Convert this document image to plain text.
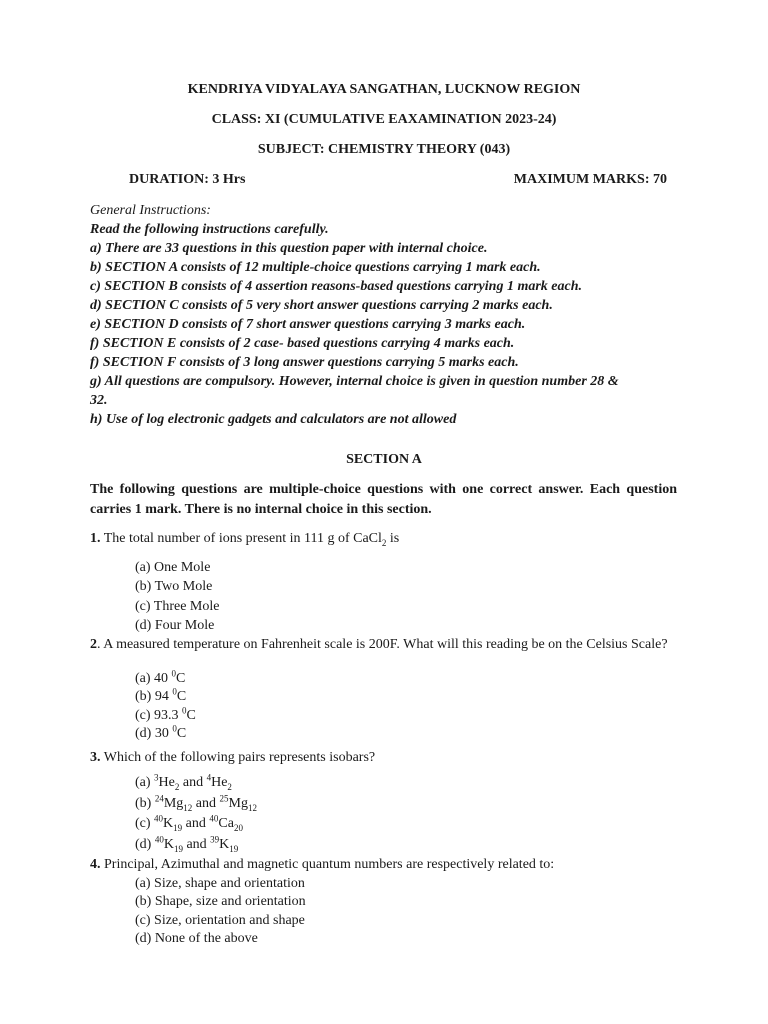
KENDRIYA VIDYALAYA SANGATHAN, LUCKNOW REGION
CLASS: XI (CUMULATIVE EAXAMINATION 2023-24)
SUBJECT: CHEMISTRY THEORY (043)
DURATION: 3 Hrs	MAXIMUM MARKS: 70
General Instructions:
Read the following instructions carefully.
a) There are 33 questions in this question paper with internal choice.
b) SECTION A consists of 12 multiple-choice questions carrying 1 mark each.
c) SECTION B consists of 4 assertion reasons-based questions carrying 1 mark each.
d) SECTION C consists of 5 very short answer questions carrying 2 marks each.
e) SECTION D consists of 7 short answer questions carrying 3 marks each.
f) SECTION E consists of 2 case- based questions carrying 4 marks each.
f) SECTION F consists of 3 long answer questions carrying 5 marks each.
g) All questions are compulsory. However, internal choice is given in question number 28 &
32.
h) Use of log electronic gadgets and calculators are not allowed
SECTION A
The following questions are multiple-choice questions with one correct answer. Each question carries 1 mark. There is no internal choice in this section.
1. The total number of ions present in 111 g of CaCl$_2$ is
(a) One Mole
(b) Two Mole
(c) Three Mole
(d) Four Mole
2. A measured temperature on Fahrenheit scale is 200F. What will this reading be on the Celsius Scale?
(a) 40 $^0$C
(b) 94 $^0$C
(c) 93.3 $^0$C
(d) 30 $^0$C
3. Which of the following pairs represents isobars?
(a) $^3He_2$ and $^4He_2$
(b) $^{24}Mg_{12}$ and $^{25}Mg_{12}$
(c) $^{40}K_{19}$ and $^{40}Ca_{20}$
(d) $^{40}K_{19}$ and $^{39}K_{19}$
4. Principal, Azimuthal and magnetic quantum numbers are respectively related to:
(a) Size, shape and orientation
(b) Shape, size and orientation
(c) Size, orientation and shape
(d) None of the above
